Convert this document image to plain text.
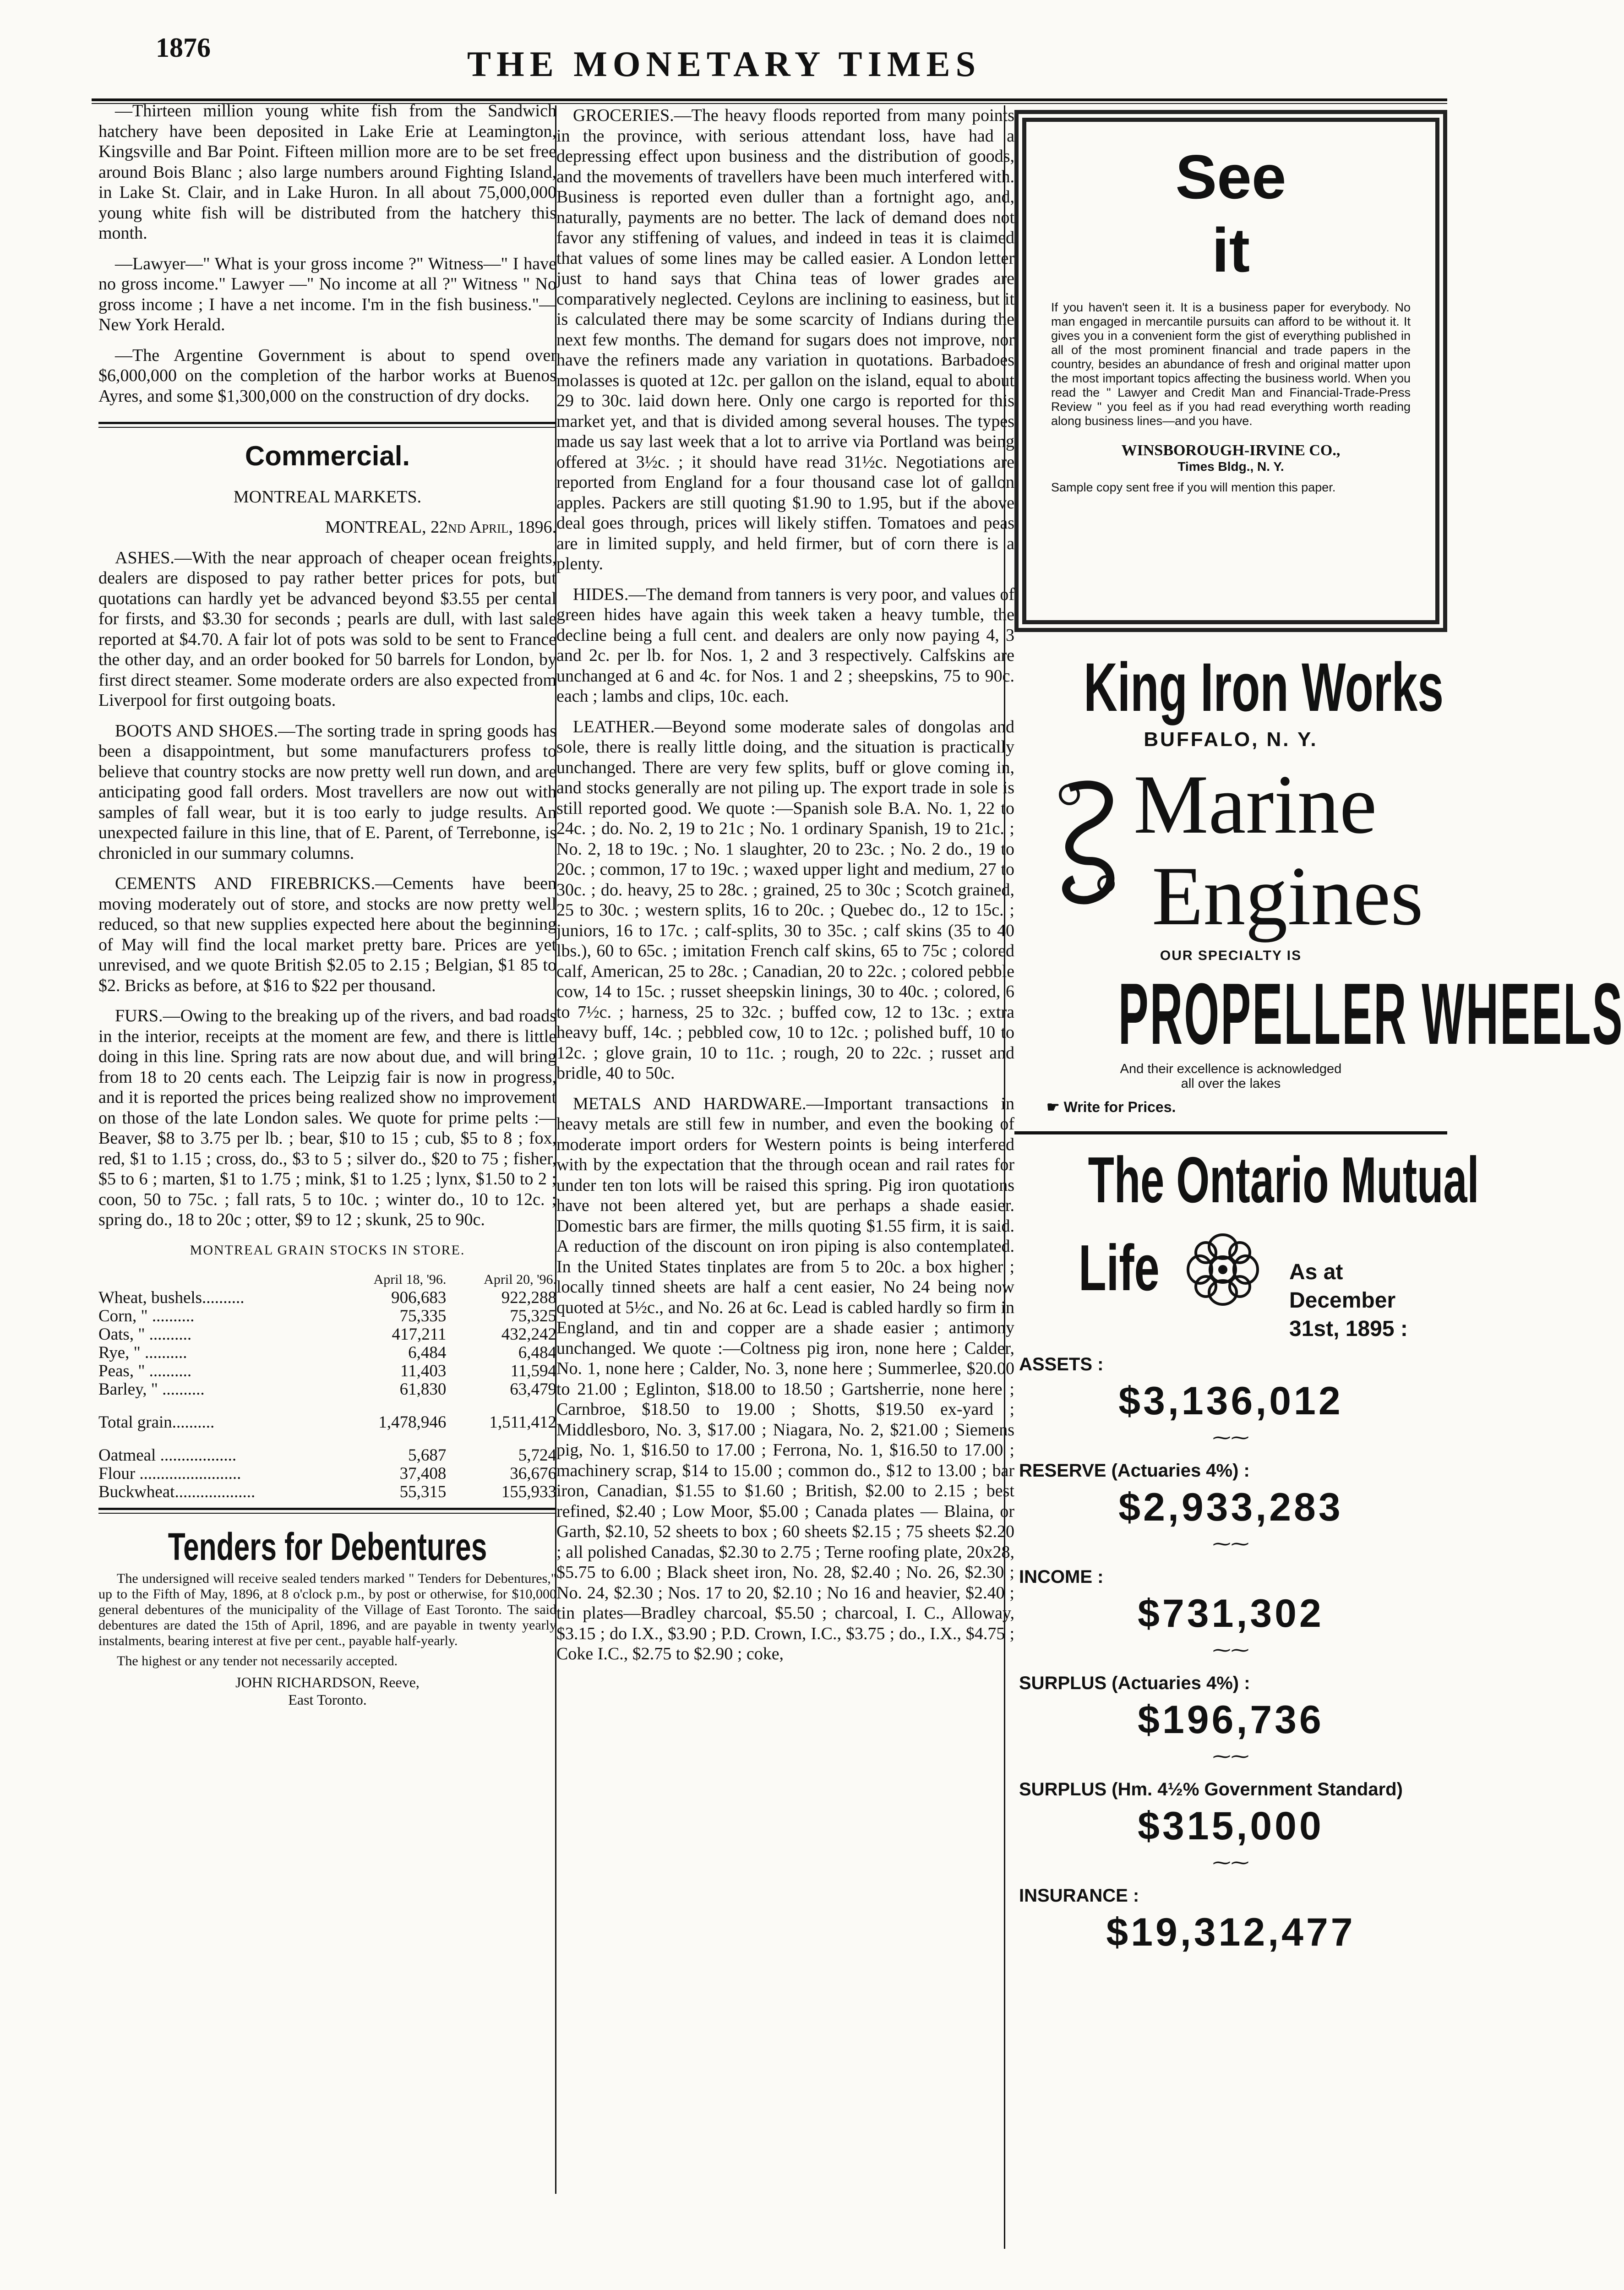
1876	THE MONETARY TIMES

—Thirteen million young white fish from the Sandwich hatchery have been deposited in Lake Erie at Leamington, Kingsville and Bar Point. Fifteen million more are to be set free around Bois Blanc ; also large numbers around Fighting Island, in Lake St. Clair, and in Lake Huron. In all about 75,000,000 young white fish will be distributed from the hatchery this month.

—Lawyer—" What is your gross income ?" Witness—" I have no gross income." Lawyer —" No income at all ?" Witness " No gross income ; I have a net income. I'm in the fish business."—New York Herald.

—The Argentine Government is about to spend over $6,000,000 on the completion of the harbor works at Buenos Ayres, and some $1,300,000 on the construction of dry docks.

Commercial.

MONTREAL MARKETS.

MONTREAL, 22nd April, 1896.

ASHES.—With the near approach of cheaper ocean freights, dealers are disposed to pay rather better prices for pots, but quotations can hardly yet be advanced beyond $3.55 per cental for firsts, and $3.30 for seconds ; pearls are dull, with last sale reported at $4.70. A fair lot of pots was sold to be sent to France the other day, and an order booked for 50 barrels for London, by first direct steamer. Some moderate orders are also expected from Liverpool for first outgoing boats.

BOOTS AND SHOES.—The sorting trade in spring goods has been a disappointment, but some manufacturers profess to believe that country stocks are now pretty well run down, and are anticipating good fall orders. Most travellers are now out with samples of fall wear, but it is too early to judge results. An unexpected failure in this line, that of E. Parent, of Terrebonne, is chronicled in our summary columns.

CEMENTS AND FIREBRICKS.—Cements have been moving moderately out of store, and stocks are now pretty well reduced, so that new supplies expected here about the beginning of May will find the local market pretty bare. Prices are yet unrevised, and we quote British $2.05 to 2.15 ; Belgian, $1 85 to $2. Bricks as before, at $16 to $22 per thousand.

FURS.—Owing to the breaking up of the rivers, and bad roads in the interior, receipts at the moment are few, and there is little doing in this line. Spring rats are now about due, and will bring from 18 to 20 cents each. The Leipzig fair is now in progress, and it is reported the prices being realized show no improvement on those of the late London sales. We quote for prime pelts :—Beaver, $8 to 3.75 per lb. ; bear, $10 to 15 ; cub, $5 to 8 ; fox, red, $1 to 1.15 ; cross, do., $3 to 5 ; silver do., $20 to 75 ; fisher, $5 to 6 ; marten, $1 to 1.75 ; mink, $1 to 1.25 ; lynx, $1.50 to 2 ; coon, 50 to 75c. ; fall rats, 5 to 10c. ; winter do., 10 to 12c. ; spring do., 18 to 20c ; otter, $9 to 12 ; skunk, 25 to 90c.

MONTREAL GRAIN STOCKS IN STORE.

	April 18, '96.	April 20, '96.
Wheat, bushels..........	906,683	922,288
Corn, " ..........	75,335	75,325
Oats, " ..........	417,211	432,242
Rye, " ..........	6,484	6,484
Peas, " ..........	11,403	11,594
Barley, " ..........	61,830	63,479

Total grain..........	1,478,946	1,511,412

Oatmeal ..................	5,687	5,724
Flour ........................	37,408	36,676
Buckwheat...................	55,315	155,933
Tenders for Debentures

The undersigned will receive sealed tenders marked " Tenders for Debentures," up to the Fifth of May, 1896, at 8 o'clock p.m., by post or otherwise, for $10,000 general debentures of the municipality of the Village of East Toronto. The said debentures are dated the 15th of April, 1896, and are payable in twenty yearly instalments, bearing interest at five per cent., payable half-yearly.

The highest or any tender not necessarily accepted.

JOHN RICHARDSON, Reeve,
East Toronto.

GROCERIES.—The heavy floods reported from many points in the province, with serious attendant loss, have had a depressing effect upon business and the distribution of goods, and the movements of travellers have been much interfered with. Business is reported even duller than a fortnight ago, and, naturally, payments are no better. The lack of demand does not favor any stiffening of values, and indeed in teas it is claimed that values of some lines may be called easier. A London letter just to hand says that China teas of lower grades are comparatively neglected. Ceylons are inclining to easiness, but it is calculated there may be some scarcity of Indians during the next few months. The demand for sugars does not improve, nor have the refiners made any variation in quotations. Barbadoes molasses is quoted at 12c. per gallon on the island, equal to about 29 to 30c. laid down here. Only one cargo is reported for this market yet, and that is divided among several houses. The types made us say last week that a lot to arrive via Portland was being offered at 3½c. ; it should have read 31½c. Negotiations are reported from England for a four thousand case lot of gallon apples. Packers are still quoting $1.90 to 1.95, but if the above deal goes through, prices will likely stiffen. Tomatoes and peas are in limited supply, and held firmer, but of corn there is a plenty.

HIDES.—The demand from tanners is very poor, and values of green hides have again this week taken a heavy tumble, the decline being a full cent. and dealers are only now paying 4, 3 and 2c. per lb. for Nos. 1, 2 and 3 respectively. Calfskins are unchanged at 6 and 4c. for Nos. 1 and 2 ; sheepskins, 75 to 90c. each ; lambs and clips, 10c. each.

LEATHER.—Beyond some moderate sales of dongolas and sole, there is really little doing, and the situation is practically unchanged. There are very few splits, buff or glove coming in, and stocks generally are not piling up. The export trade in sole is still reported good. We quote :—Spanish sole B.A. No. 1, 22 to 24c. ; do. No. 2, 19 to 21c ; No. 1 ordinary Spanish, 19 to 21c. ; No. 2, 18 to 19c. ; No. 1 slaughter, 20 to 23c. ; No. 2 do., 19 to 20c. ; common, 17 to 19c. ; waxed upper light and medium, 27 to 30c. ; do. heavy, 25 to 28c. ; grained, 25 to 30c ; Scotch grained, 25 to 30c. ; western splits, 16 to 20c. ; Quebec do., 12 to 15c. ; juniors, 16 to 17c. ; calf-splits, 30 to 35c. ; calf skins (35 to 40 lbs.), 60 to 65c. ; imitation French calf skins, 65 to 75c ; colored calf, American, 25 to 28c. ; Canadian, 20 to 22c. ; colored pebble cow, 14 to 15c. ; russet sheepskin linings, 30 to 40c. ; colored, 6 to 7½c. ; harness, 25 to 32c. ; buffed cow, 12 to 13c. ; extra heavy buff, 14c. ; pebbled cow, 10 to 12c. ; polished buff, 10 to 12c. ; glove grain, 10 to 11c. ; rough, 20 to 22c. ; russet and bridle, 40 to 50c.

METALS AND HARDWARE.—Important transactions in heavy metals are still few in number, and even the booking of moderate import orders for Western points is being interfered with by the expectation that the through ocean and rail rates for under ten ton lots will be raised this spring. Pig iron quotations have not been altered yet, but are perhaps a shade easier. Domestic bars are firmer, the mills quoting $1.55 firm, it is said. A reduction of the discount on iron piping is also contemplated. In the United States tinplates are from 5 to 20c. a box higher ; locally tinned sheets are half a cent easier, No 24 being now quoted at 5½c., and No. 26 at 6c. Lead is cabled hardly so firm in England, and tin and copper are a shade easier ; antimony unchanged. We quote :—Coltness pig iron, none here ; Calder, No. 1, none here ; Calder, No. 3, none here ; Summerlee, $20.00 to 21.00 ; Eglinton, $18.00 to 18.50 ; Gartsherrie, none here ; Carnbroe, $18.50 to 19.00 ; Shotts, $19.50 ex-yard ; Middlesboro, No. 3, $17.00 ; Niagara, No. 2, $21.00 ; Siemens pig, No. 1, $16.50 to 17.00 ; Ferrona, No. 1, $16.50 to 17.00 ; machinery scrap, $14 to 15.00 ; common do., $12 to 13.00 ; bar iron, Canadian, $1.55 to $1.60 ; British, $2.00 to 2.15 ; best refined, $2.40 ; Low Moor, $5.00 ; Canada plates — Blaina, or Garth, $2.10, 52 sheets to box ; 60 sheets $2.15 ; 75 sheets $2.20 ; all polished Canadas, $2.30 to 2.75 ; Terne roofing plate, 20x28, $5.75 to 6.00 ; Black sheet iron, No. 28, $2.40 ; No. 26, $2.30 ; No. 24, $2.30 ; Nos. 17 to 20, $2.10 ; No 16 and heavier, $2.40 ; tin plates—Bradley charcoal, $5.50 ; charcoal, I. C., Alloway, $3.15 ; do I.X., $3.90 ; P.D. Crown, I.C., $3.75 ; do., I.X., $4.75 ; Coke I.C., $2.75 to $2.90 ; coke,

See
it
If you haven't seen it. It is a business paper for everybody. No man engaged in mercantile pursuits can afford to be without it. It gives you in a convenient form the gist of everything published in all of the most prominent financial and trade papers in the country, besides an abundance of fresh and original matter upon the most important topics affecting the business world. When you read the " Lawyer and Credit Man and Financial-Trade-Press Review " you feel as if you had read everything worth reading along business lines—and you have.
WINSBOROUGH-IRVINE CO.,
Times Bldg., N. Y.
Sample copy sent free if you will mention this paper.
King Iron Works
BUFFALO, N. Y.
Marine
Engines
OUR SPECIALTY IS
PROPELLER WHEELS
And their excellence is acknowledged
all over the lakes
☛ Write for Prices.
The Ontario Mutual
Life	As at
December
31st, 1895 :
ASSETS :
$3,136,012
⁓⁓
RESERVE (Actuaries 4%) :
$2,933,283
⁓⁓
INCOME :
$731,302
⁓⁓
SURPLUS (Actuaries 4%) :
$196,736
⁓⁓
SURPLUS (Hm. 4½% Government Standard)
$315,000
⁓⁓
INSURANCE :
$19,312,477
